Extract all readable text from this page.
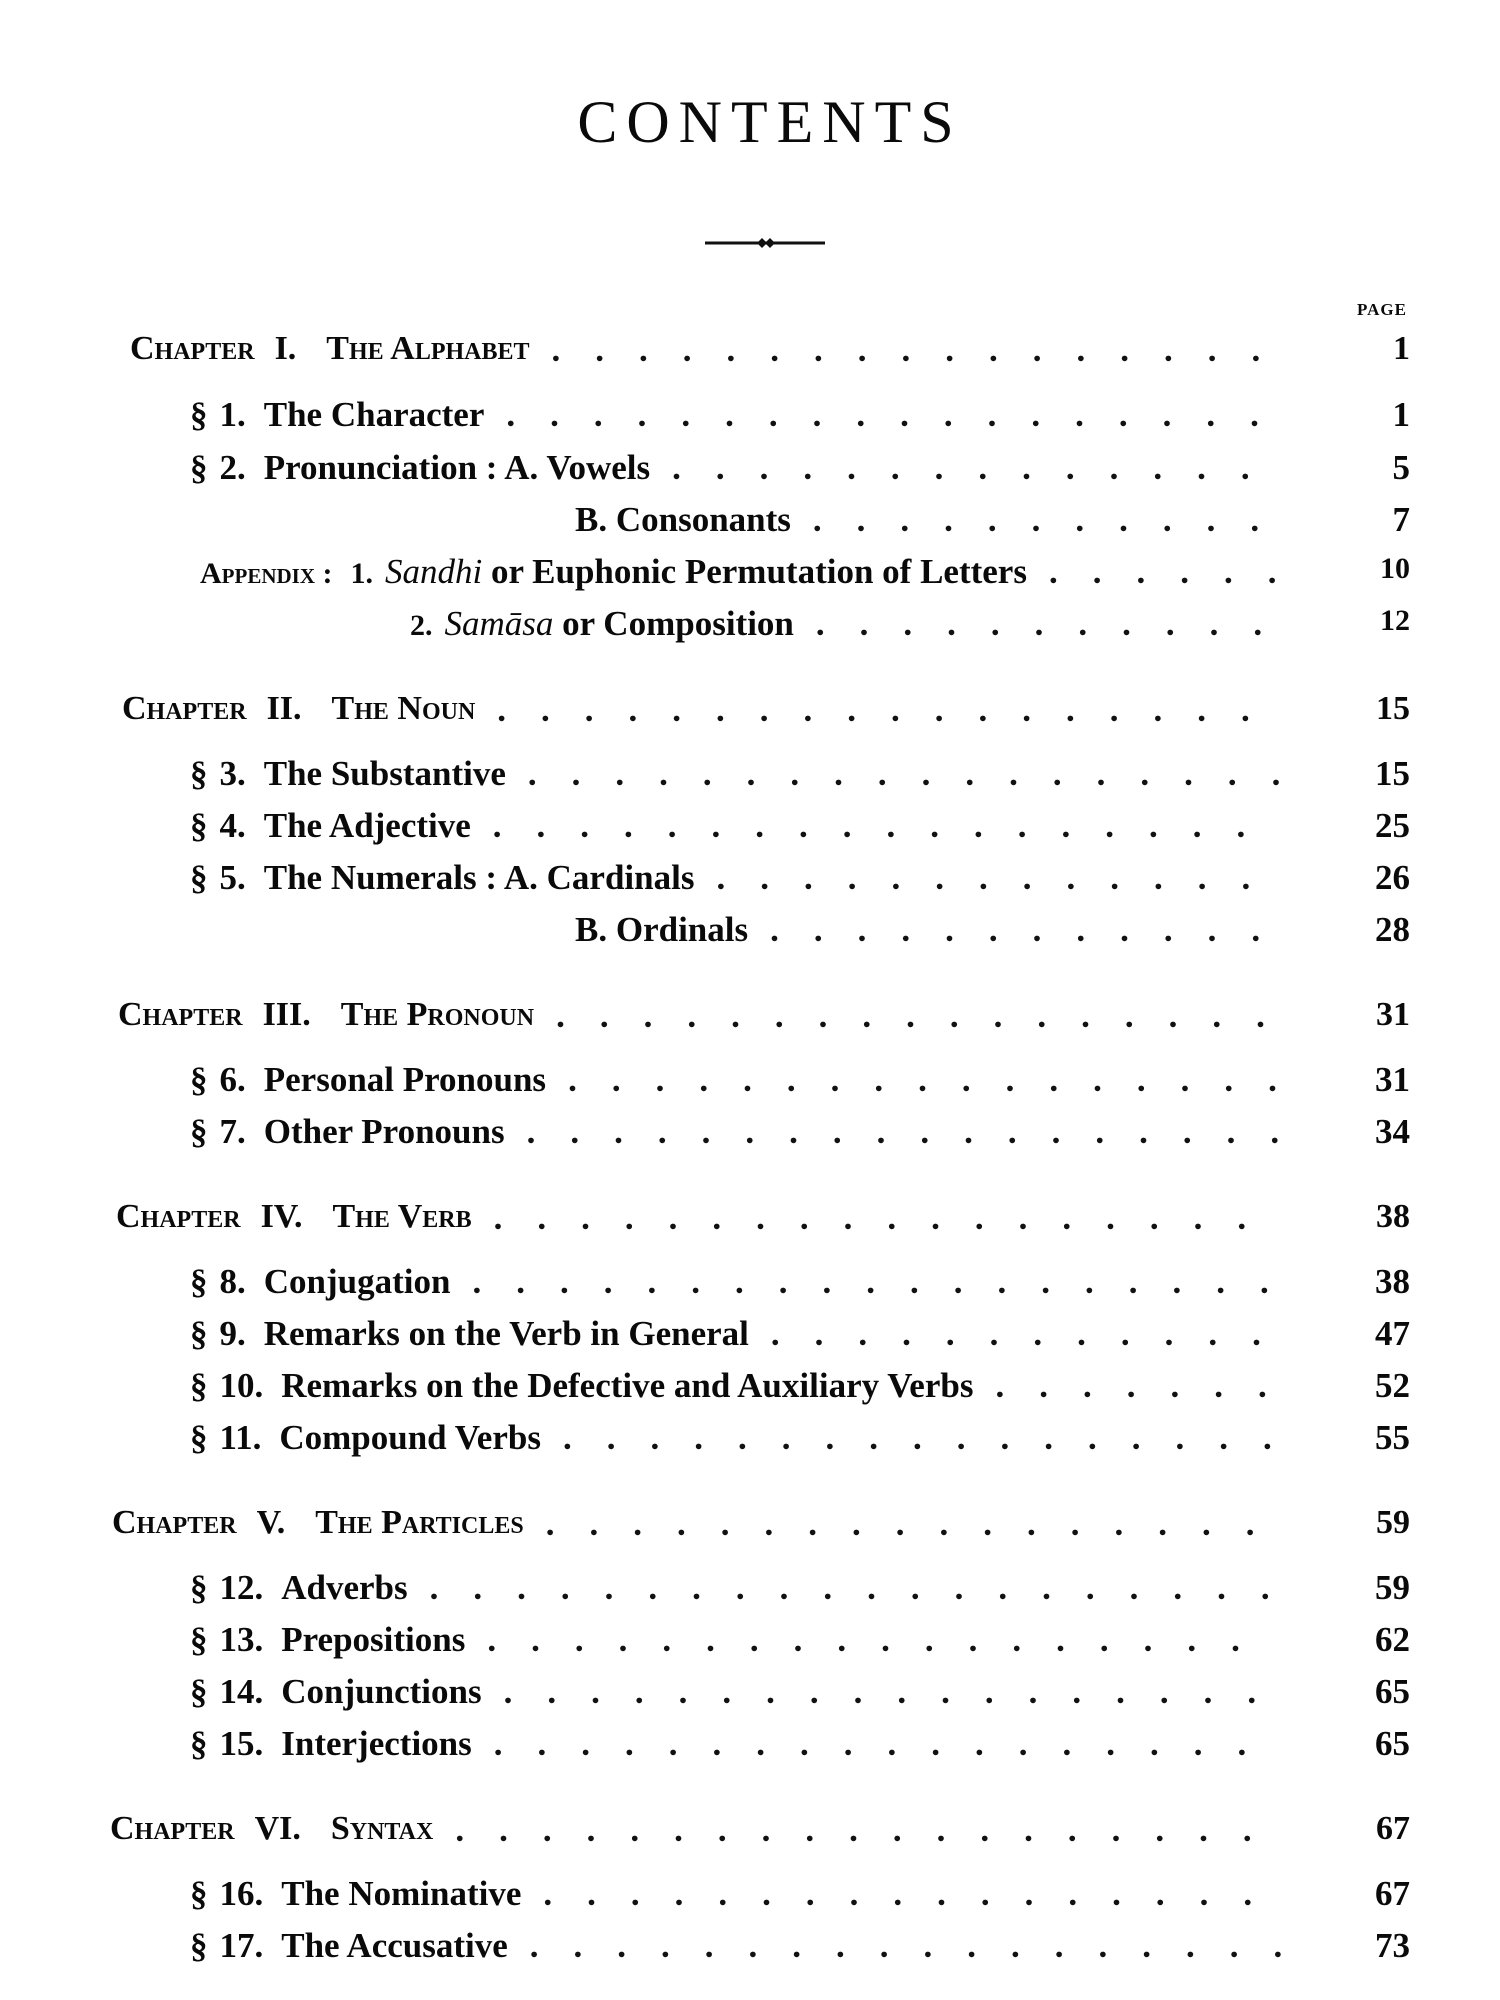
CONTENTS
PAGE
Chapter I. The Alphabet	1
. . . . . . . . . . . . . . . . . 
§ 1. The Character	1
. . . . . . . . . . . . . . . . . . 
§ 2. Pronunciation : A. Vowels	5
. . . . . . . . . . . . . . 
B. Consonants	7
. . . . . . . . . . . 
Appendix : 1. Sandhi or Euphonic Permutation of Letters	10
. . . . . . 
2. Samāsa or Composition	12
. . . . . . . . . . . 
Chapter II. The Noun	15
. . . . . . . . . . . . . . . . . . 
§ 3. The Substantive	15
. . . . . . . . . . . . . . . . . . 
§ 4. The Adjective	25
. . . . . . . . . . . . . . . . . . 
§ 5. The Numerals : A. Cardinals	26
. . . . . . . . . . . . . 
B. Ordinals	28
. . . . . . . . . . . . 
Chapter III. The Pronoun	31
. . . . . . . . . . . . . . . . . 
§ 6. Personal Pronouns	31
. . . . . . . . . . . . . . . . . 
§ 7. Other Pronouns	34
. . . . . . . . . . . . . . . . . . 
Chapter IV. The Verb	38
. . . . . . . . . . . . . . . . . . 
§ 8. Conjugation	38
. . . . . . . . . . . . . . . . . . . 
§ 9. Remarks on the Verb in General	47
. . . . . . . . . . . . 
§ 10. Remarks on the Defective and Auxiliary Verbs	52
. . . . . . . 
§ 11. Compound Verbs	55
. . . . . . . . . . . . . . . . . 
Chapter V. The Particles	59
. . . . . . . . . . . . . . . . . 
§ 12. Adverbs	59
. . . . . . . . . . . . . . . . . . . . 
§ 13. Prepositions	62
. . . . . . . . . . . . . . . . . . 
§ 14. Conjunctions	65
. . . . . . . . . . . . . . . . . . 
§ 15. Interjections	65
. . . . . . . . . . . . . . . . . . 
Chapter VI. Syntax	67
. . . . . . . . . . . . . . . . . . . 
§ 16. The Nominative	67
. . . . . . . . . . . . . . . . . 
§ 17. The Accusative	73
. . . . . . . . . . . . . . . . . . 
